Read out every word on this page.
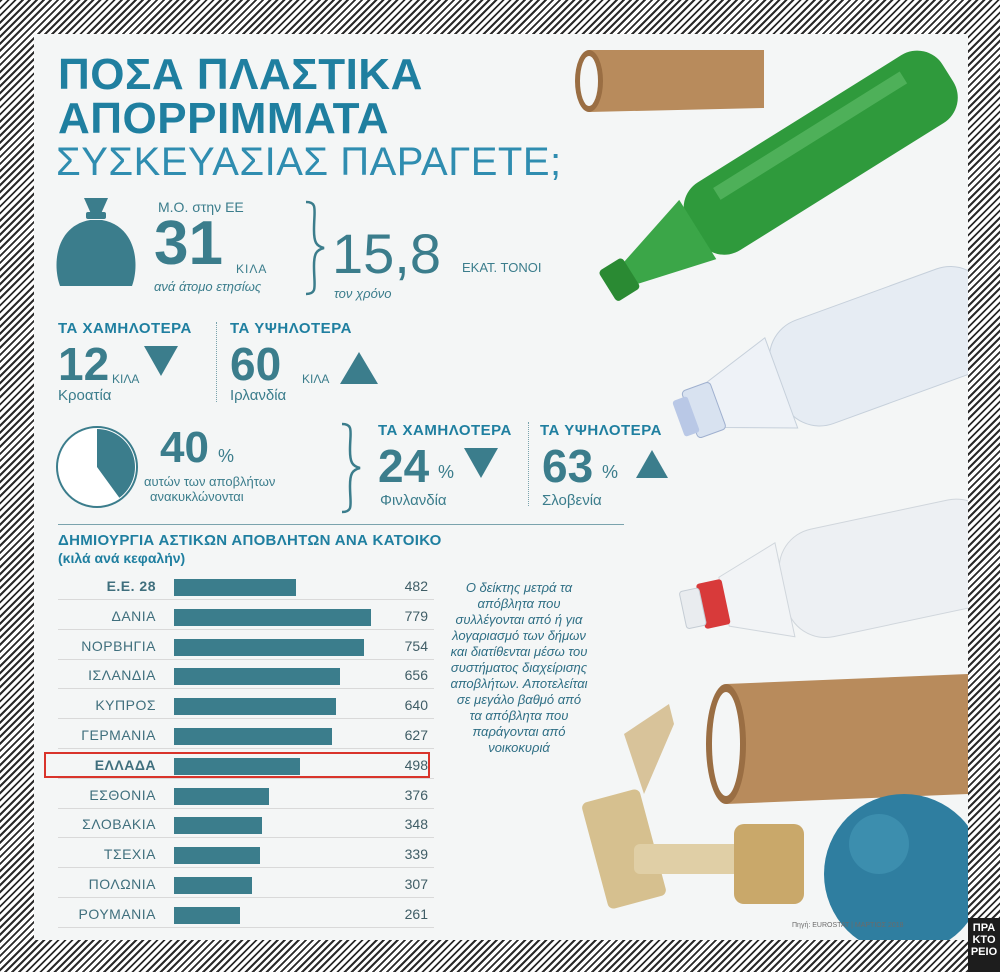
ΠΟΣΑ ΠΛΑΣΤΙΚΑ
ΑΠΟΡΡΙΜΜΑΤΑ
ΣΥΣΚΕΥΑΣΙΑΣ ΠΑΡΑΓΕΤΕ;
Μ.Ο. στην ΕΕ
31 ΚΙΛΑ
ανά άτομο ετησίως
15,8 ΕΚΑΤ. ΤΟΝΟΙ
τον χρόνο
ΤΑ ΧΑΜΗΛΟΤΕΡΑ
12 ΚΙΛΑ
Κροατία
ΤΑ ΥΨΗΛΟΤΕΡΑ
60 ΚΙΛΑ
Ιρλανδία
40 %
αυτών των αποβλήτων
ανακυκλώνονται
ΤΑ ΧΑΜΗΛΟΤΕΡΑ
24 %
Φινλανδία
ΤΑ ΥΨΗΛΟΤΕΡΑ
63 %
Σλοβενία
ΔΗΜΙΟΥΡΓΙΑ ΑΣΤΙΚΩΝ ΑΠΟΒΛΗΤΩΝ ΑΝΑ ΚΑΤΟΙΚΟ
(κιλά ανά κεφαλήν)
Ε.Ε. 28	482
ΔΑΝΙΑ	779
ΝΟΡΒΗΓΙΑ	754
ΙΣΛΑΝΔΙΑ	656
ΚΥΠΡΟΣ	640
ΓΕΡΜΑΝΙΑ	627
ΕΛΛΑΔΑ	498
ΕΣΘΟΝΙΑ	376
ΣΛΟΒΑΚΙΑ	348
ΤΣΕΧΙΑ	339
ΠΟΛΩΝΙΑ	307
ΡΟΥΜΑΝΙΑ	261
Ο δείκτης μετρά τα απόβλητα που συλλέγονται από ή για λογαριασμό των δήμων και διατίθενται μέσω του συστήματος διαχείρισης αποβλήτων. Αποτελείται σε μεγάλο βαθμό από τα απόβλητα που παράγονται από νοικοκυριά
Πηγή: EUROSTAT | ΜΑΡΤΙΟΣ 2018	ΠΡΑ
ΚΤΟ
ΡΕΙΟ
